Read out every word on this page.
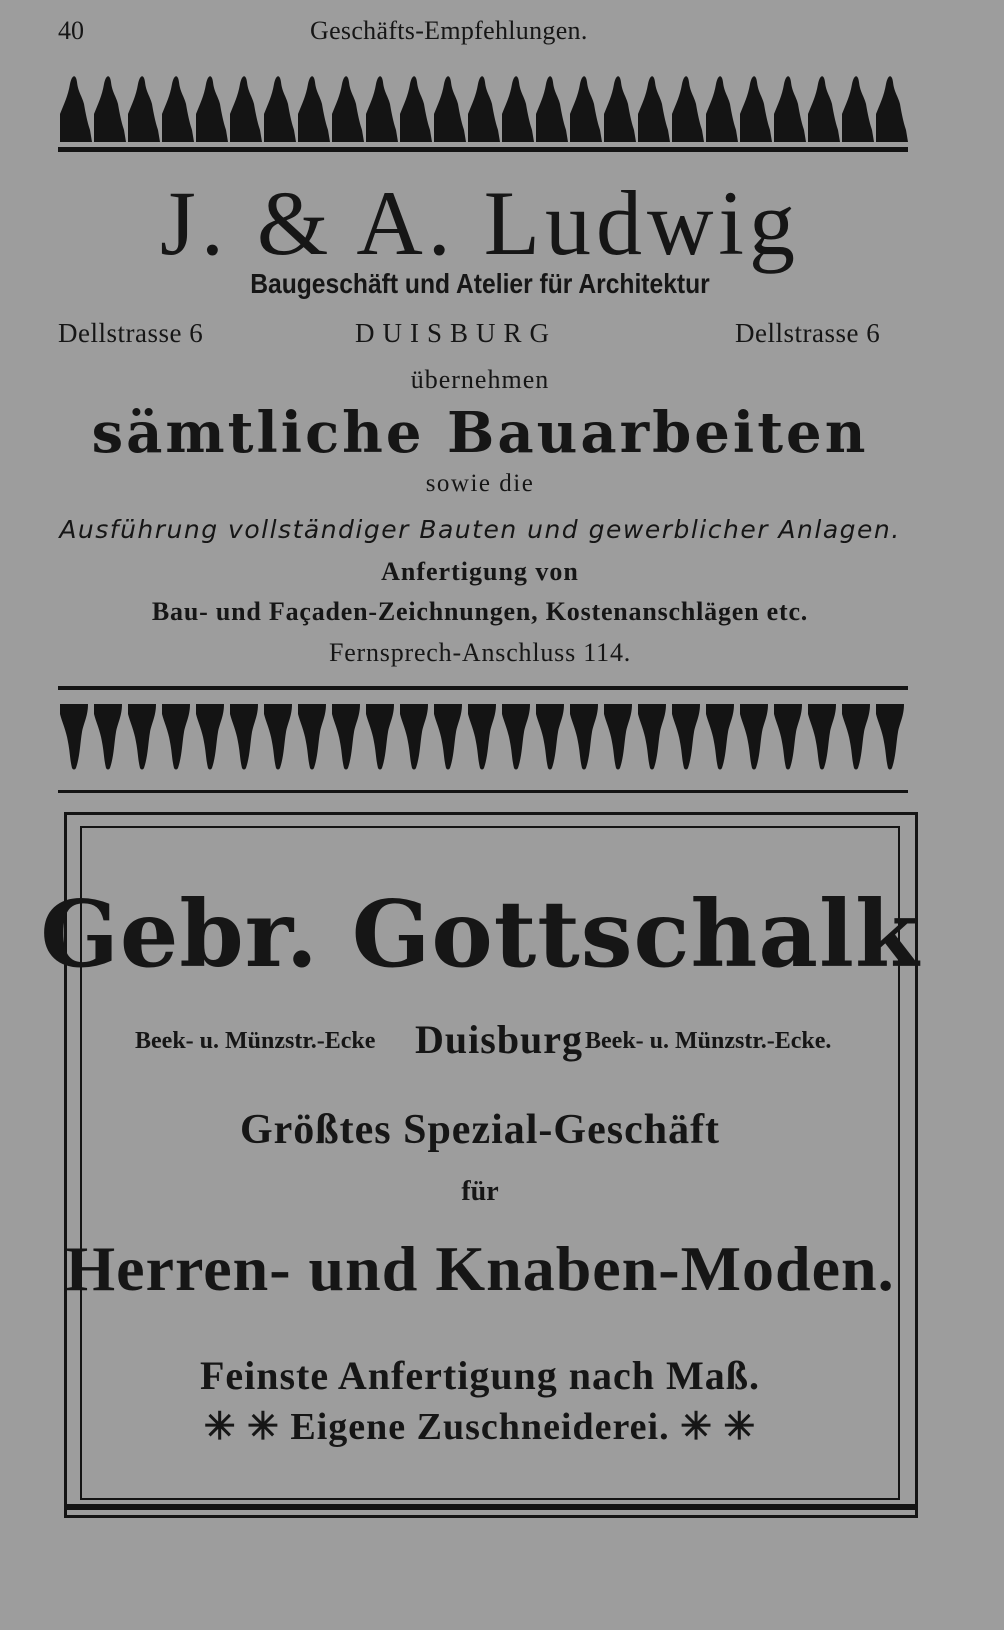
40	Geschäfts-Empfehlungen.
J. & A. Ludwig
Baugeschäft und Atelier für Architektur
Dellstrasse 6	DUISBURG	Dellstrasse 6
übernehmen
sämtliche Bauarbeiten
sowie die
Ausführung vollständiger Bauten und gewerblicher Anlagen.
Anfertigung von
Bau- und Façaden-Zeichnungen, Kostenanschlägen etc.
Fernsprech-Anschluss 114.
Gebr. Gottschalk
Beek- u. Münzstr.-Ecke Duisburg Beek- u. Münzstr.-Ecke.
Größtes Spezial-Geschäft
für
Herren- und Knaben-Moden.
Feinste Anfertigung nach Maß.
✳ ✳ Eigene Zuschneiderei. ✳ ✳
